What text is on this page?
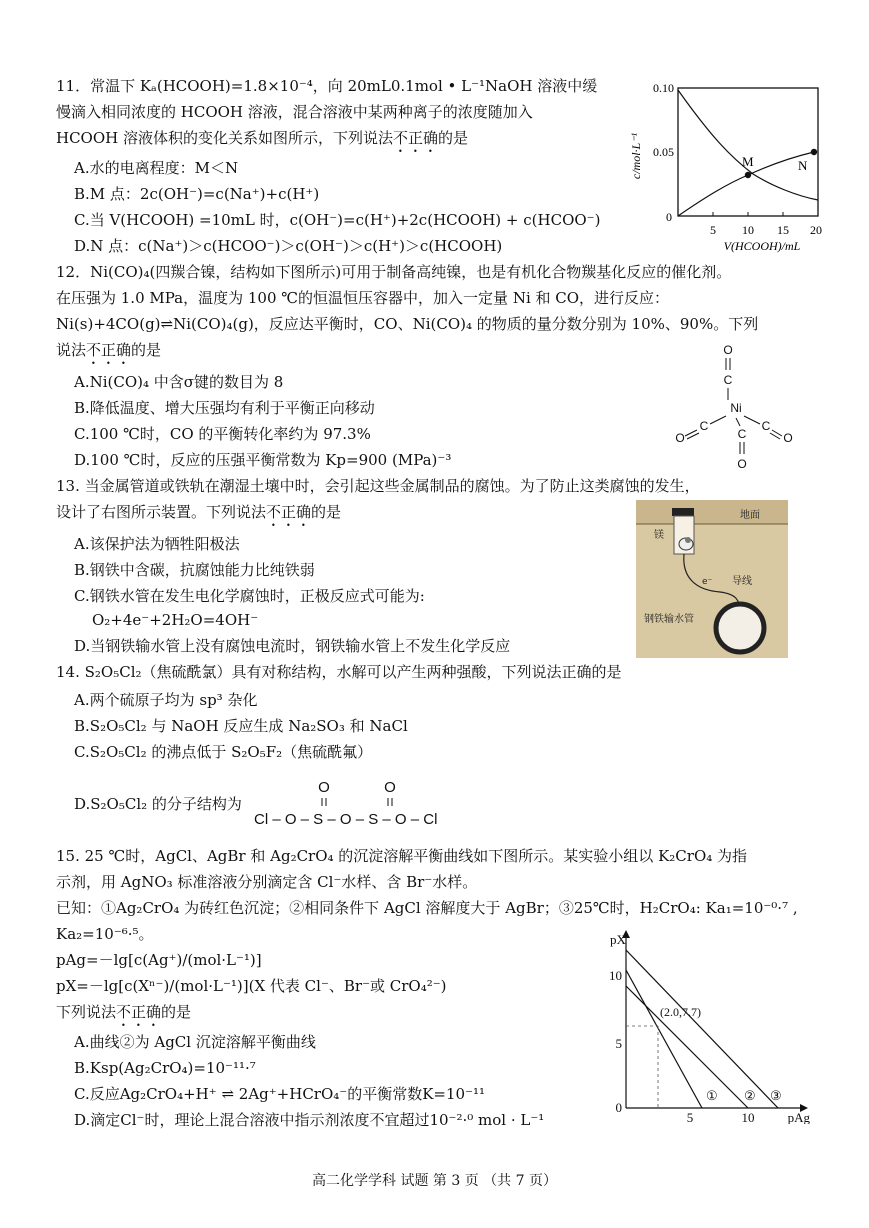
11．常温下 Kₐ(HCOOH)=1.8×10⁻⁴，向 20mL0.1mol • L⁻¹NaOH 溶液中缓
慢滴入相同浓度的 HCOOH 溶液，混合溶液中某两种离子的浓度随加入
HCOOH 溶液体积的变化关系如图所示，下列说法不正确的是
A.水的电离程度：M＜N
B.M 点：2c(OH⁻)=c(Na⁺)+c(H⁺)
C.当 V(HCOOH) =10mL 时，c(OH⁻)=c(H⁺)+2c(HCOOH) + c(HCOO⁻)
D.N 点：c(Na⁺)＞c(HCOO⁻)＞c(OH⁻)＞c(H⁺)＞c(HCOOH)
M	N
0.10
0.05
0
5 10 15 20
V(HCOOH)/mL
c/mol·L⁻¹
12．Ni(CO)₄(四羰合镍，结构如下图所示)可用于制备高纯镍，也是有机化合物羰基化反应的催化剂。
在压强为 1.0 MPa，温度为 100 ℃的恒温恒压容器中，加入一定量 Ni 和 CO，进行反应：
Ni(s)+4CO(g)⇌Ni(CO)₄(g)，反应达平衡时，CO、Ni(CO)₄ 的物质的量分数分别为 10%、90%。下列
说法不正确的是
A.Ni(CO)₄ 中含σ键的数目为 8
B.降低温度、增大压强均有利于平衡正向移动
C.100 ℃时，CO 的平衡转化率约为 97.3%
D.100 ℃时，反应的压强平衡常数为 Kp=900 (MPa)⁻³
O
C
Ni
C
O
C
O
C
O
13. 当金属管道或铁轨在潮湿土壤中时，会引起这些金属制品的腐蚀。为了防止这类腐蚀的发生，
设计了右图所示装置。下列说法不正确的是
A.该保护法为牺牲阳极法
B.钢铁中含碳，抗腐蚀能力比纯铁弱
C.钢铁水管在发生电化学腐蚀时，正极反应式可能为:
O₂+4e⁻+2H₂O=4OH⁻
D.当钢铁输水管上没有腐蚀电流时，钢铁输水管上不发生化学反应
地面
镁
e⁻ 导线
钢铁输水管
14. S₂O₅Cl₂（焦硫酰氯）具有对称结构，水解可以产生两种强酸，下列说法正确的是
A.两个硫原子均为 sp³ 杂化
B.S₂O₅Cl₂ 与 NaOH 反应生成 Na₂SO₃ 和 NaCl
C.S₂O₅Cl₂ 的沸点低于 S₂O₅F₂（焦硫酰氟）
D.S₂O₅Cl₂ 的分子结构为
O	O
Cl – O – S – O – S – O – Cl
15. 25 ℃时，AgCl、AgBr 和 Ag₂CrO₄ 的沉淀溶解平衡曲线如下图所示。某实验小组以 K₂CrO₄ 为指
示剂，用 AgNO₃ 标准溶液分别滴定含 Cl⁻水样、含 Br⁻水样。
已知：①Ag₂CrO₄ 为砖红色沉淀；②相同条件下 AgCl 溶解度大于 AgBr；③25℃时，H₂CrO₄: Ka₁=10⁻⁰·⁷ ,
Ka₂=10⁻⁶·⁵。
pAg=－lg[c(Ag⁺)/(mol·L⁻¹)]
pX=－lg[c(Xⁿ⁻)/(mol·L⁻¹)](X 代表 Cl⁻、Br⁻或 CrO₄²⁻)
下列说法不正确的是
A.曲线②为 AgCl 沉淀溶解平衡曲线
B.Ksp(Ag₂CrO₄)=10⁻¹¹·⁷
C.反应Ag₂CrO₄+H⁺ ⇌ 2Ag⁺+HCrO₄⁻的平衡常数K=10⁻¹¹
D.滴定Cl⁻时，理论上混合溶液中指示剂浓度不宜超过10⁻²·⁰ mol · L⁻¹
pX
10
5
0
5	10	pAg
(2.0,7.7)
① ② ③
高二化学学科 试题 第 3 页 （共 7 页）
